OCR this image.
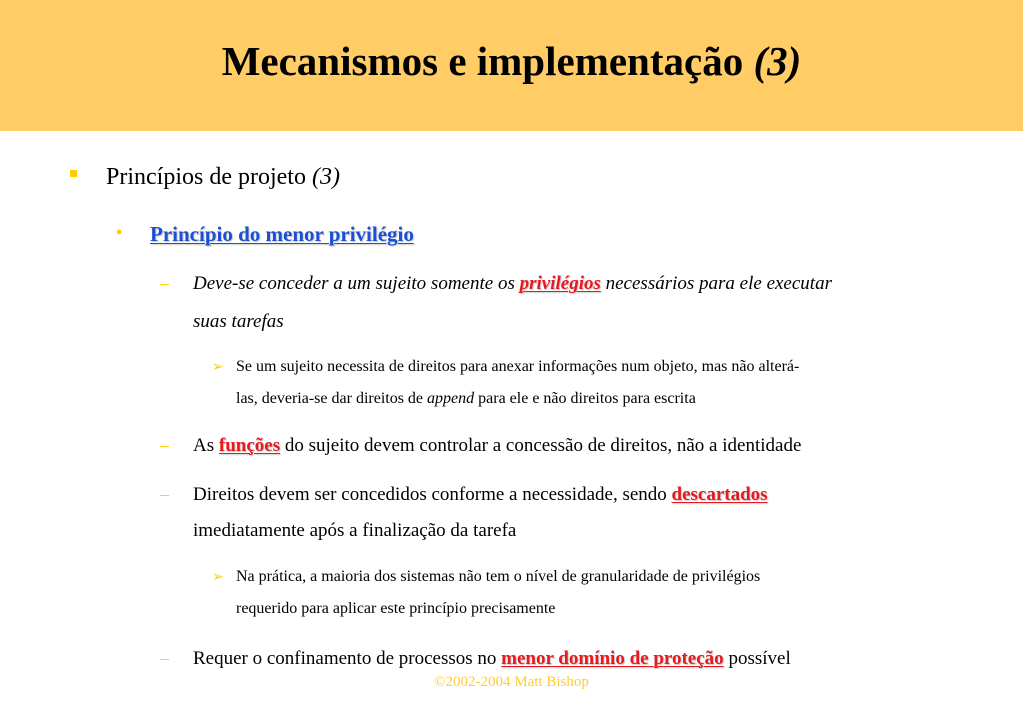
Mecanismos e implementação (3)
Princípios de projeto (3)
• Princípio do menor privilégio
– Deve-se conceder a um sujeito somente os privilégios necessários para ele executar
suas tarefas
➢ Se um sujeito necessita de direitos para anexar informações num objeto, mas não alterá-
las, deveria-se dar direitos de append para ele e não direitos para escrita
– As funções do sujeito devem controlar a concessão de direitos, não a identidade
– Direitos devem ser concedidos conforme a necessidade, sendo descartados
imediatamente após a finalização da tarefa
➢ Na prática, a maioria dos sistemas não tem o nível de granularidade de privilégios
requerido para aplicar este princípio precisamente
©2002-2004 Matt Bishop
– Requer o confinamento de processos no menor domínio de proteção possível
